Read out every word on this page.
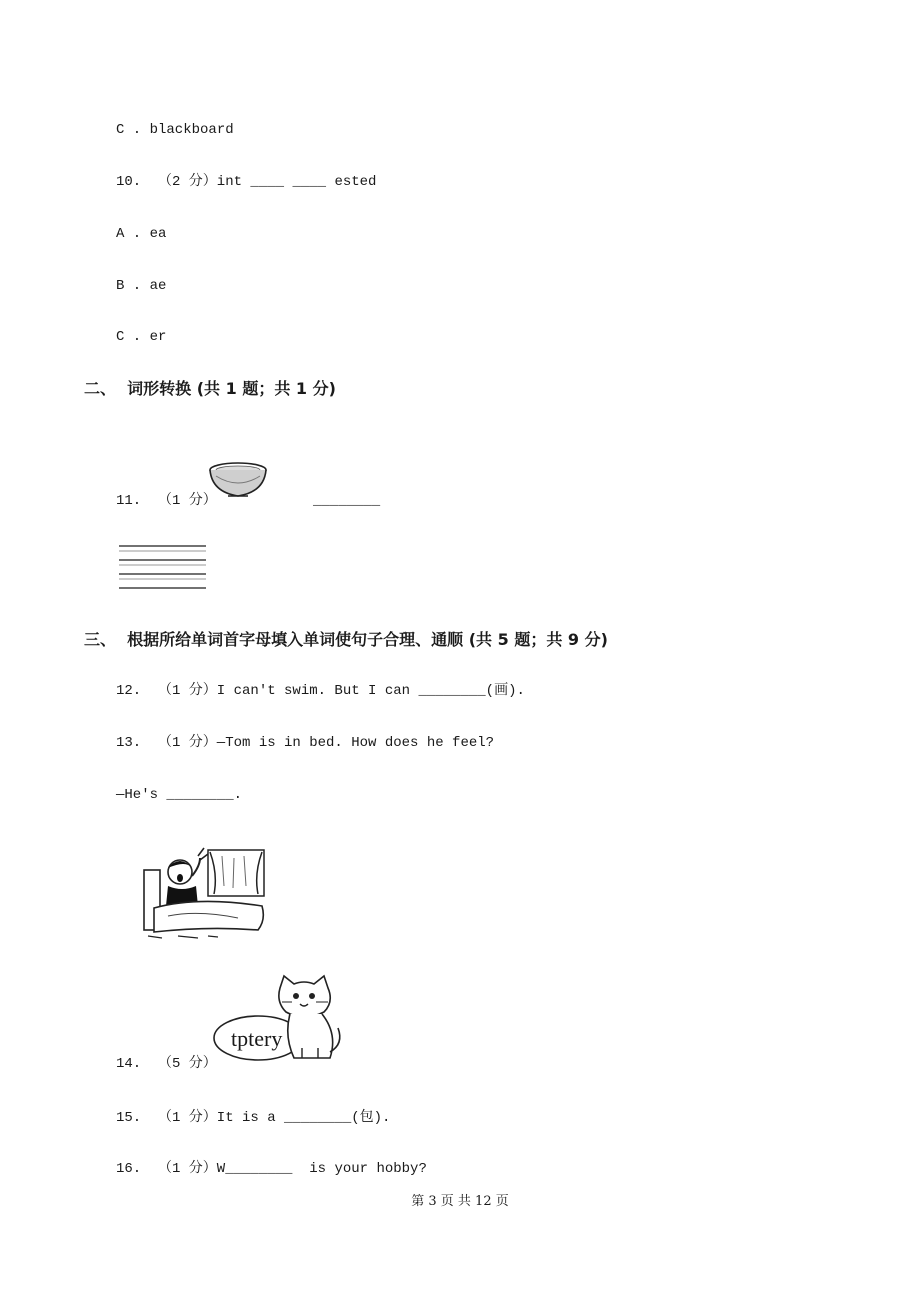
C . blackboard
10.  （2 分）int ____ ____ ested
A . ea
B . ae
C . er
二、 词形转换 (共 1 题；共 1 分)
11.  （1 分）	________
三、 根据所给单词首字母填入单词使句子合理、通顺 (共 5 题；共 9 分)
12.  （1 分）I can't swim. But I can ________(画).
13.  （1 分）—Tom is in bed. How does he feel?
—He's ________.
14.  （5 分）
tptery
15.  （1 分）It is a ________(包).
16.  （1 分）W________  is your hobby?
第 3 页 共 12 页
